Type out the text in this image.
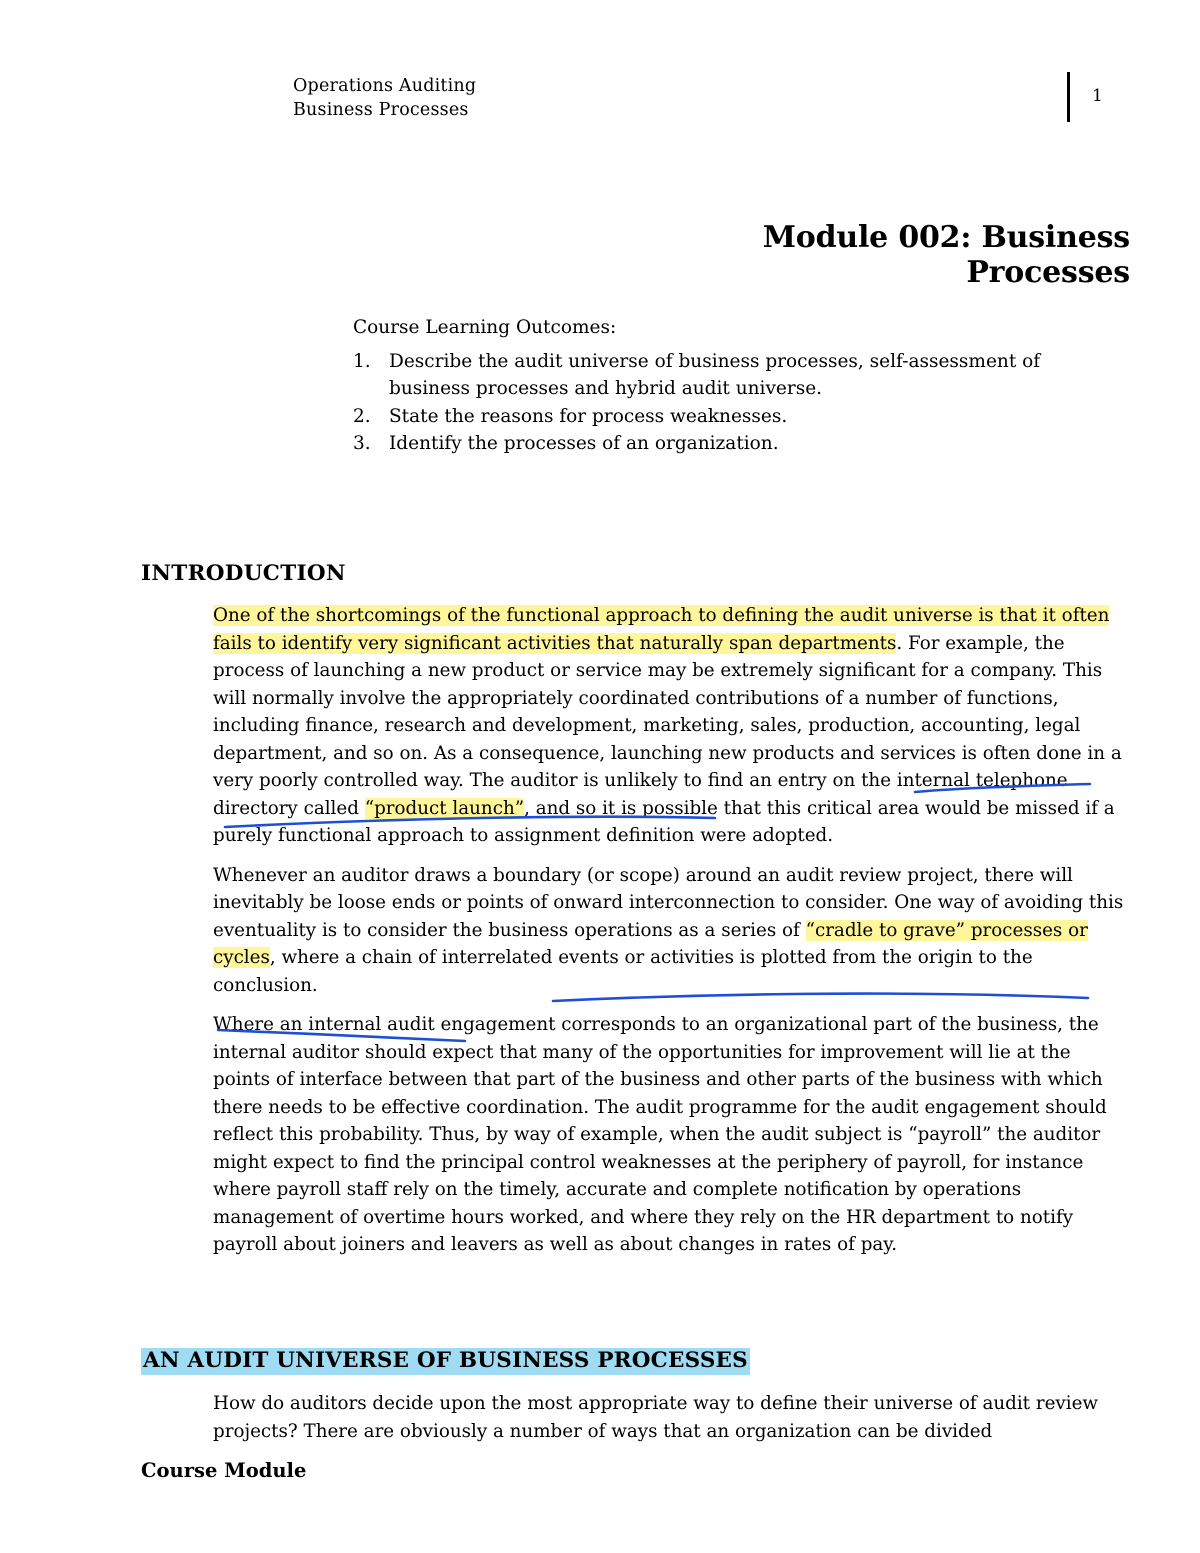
Operations Auditing
Business Processes
1
Module 002: Business Processes
Course Learning Outcomes:
1. Describe the audit universe of business processes, self-assessment of business processes and hybrid audit universe.
2. State the reasons for process weaknesses.
3. Identify the processes of an organization.
INTRODUCTION

One of the shortcomings of the functional approach to defining the audit universe is that it often fails to identify very significant activities that naturally span departments. For example, the process of launching a new product or service may be extremely significant for a company. This will normally involve the appropriately coordinated contributions of a number of functions, including finance, research and development, marketing, sales, production, accounting, legal department, and so on. As a consequence, launching new products and services is often done in a very poorly controlled way. The auditor is unlikely to find an entry on the internal telephone directory called “product launch”, and so it is possible that this critical area would be missed if a purely functional approach to assignment definition were adopted.

Whenever an auditor draws a boundary (or scope) around an audit review project, there will inevitably be loose ends or points of onward interconnection to consider. One way of avoiding this eventuality is to consider the business operations as a series of “cradle to grave” processes or cycles, where a chain of interrelated events or activities is plotted from the origin to the conclusion.

Where an internal audit engagement corresponds to an organizational part of the business, the internal auditor should expect that many of the opportunities for improvement will lie at the points of interface between that part of the business and other parts of the business with which there needs to be effective coordination. The audit programme for the audit engagement should reflect this probability. Thus, by way of example, when the audit subject is “payroll” the auditor might expect to find the principal control weaknesses at the periphery of payroll, for instance where payroll staff rely on the timely, accurate and complete notification by operations management of overtime hours worked, and where they rely on the HR department to notify payroll about joiners and leavers as well as about changes in rates of pay.

AN AUDIT UNIVERSE OF BUSINESS PROCESSES

How do auditors decide upon the most appropriate way to define their universe of audit review projects? There are obviously a number of ways that an organization can be divided

Course Module
